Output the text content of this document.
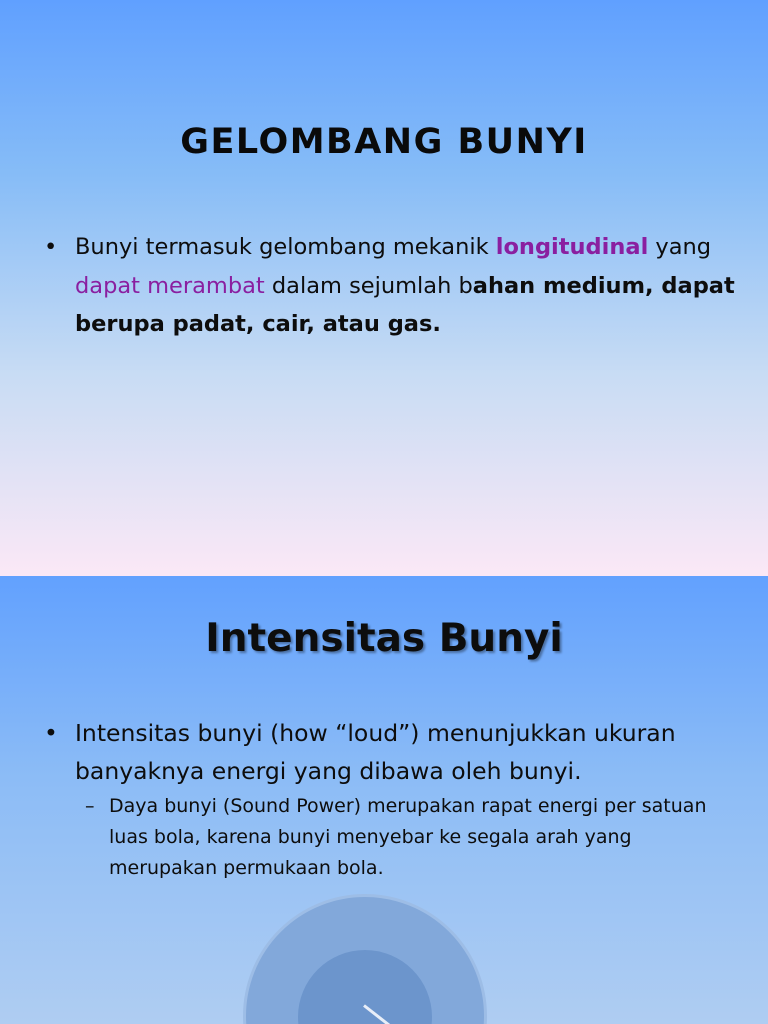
GELOMBANG BUNYI
• Bunyi termasuk gelombang mekanik longitudinal yang dapat merambat dalam sejumlah bahan medium, dapat berupa padat, cair, atau gas.
Intensitas Bunyi
• Intensitas bunyi (how “loud”) menunjukkan ukuran banyaknya energi yang dibawa oleh bunyi.
– Daya bunyi (Sound Power) merupakan rapat energi per satuan luas bola, karena bunyi menyebar ke segala arah yang merupakan permukaan bola.
